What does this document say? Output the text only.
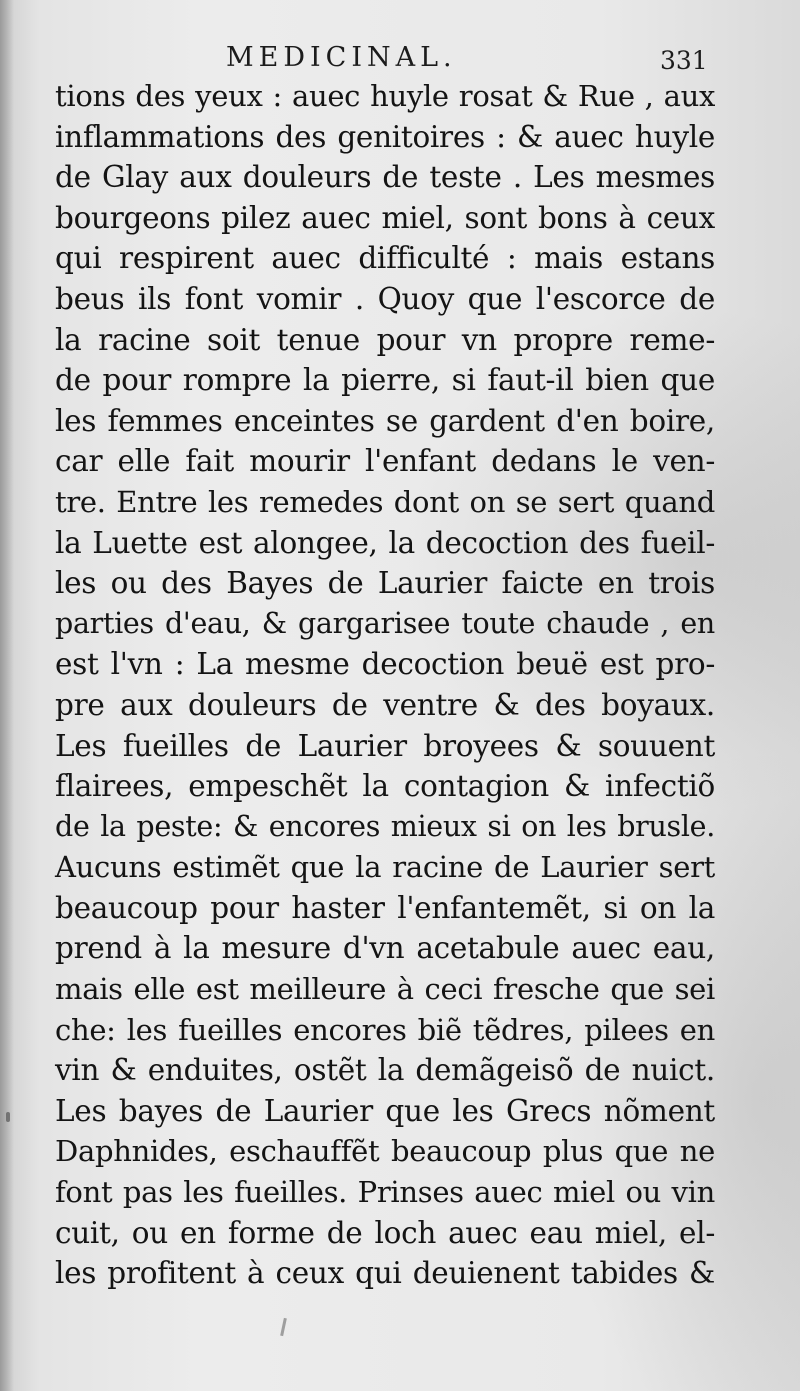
MEDICINAL.	331
tions des yeux : auec huyle rosat & Rue , aux
inflammations des genitoires : & auec huyle
de Glay aux douleurs de teste . Les mesmes
bourgeons pilez auec miel, sont bons à ceux
qui respirent auec difficulté : mais estans
beus ils font vomir . Quoy que l'escorce de
la racine soit tenue pour vn propre reme-
de pour rompre la pierre, si faut-il bien que
les femmes enceintes se gardent d'en boire,
car elle fait mourir l'enfant dedans le ven-
tre. Entre les remedes dont on se sert quand
la Luette est alongee, la decoction des fueil-
les ou des Bayes de Laurier faicte en trois
parties d'eau, & gargarisee toute chaude , en
est l'vn : La mesme decoction beuë est pro-
pre aux douleurs de ventre & des boyaux.
Les fueilles de Laurier broyees & souuent
flairees, empeschẽt la contagion & infectiõ
de la peste: & encores mieux si on les brusle.
Aucuns estimẽt que la racine de Laurier sert
beaucoup pour haster l'enfantemẽt, si on la
prend à la mesure d'vn acetabule auec eau,
mais elle est meilleure à ceci fresche que sei
che: les fueilles encores biẽ tẽdres, pilees en
vin & enduites, ostẽt la demãgeisõ de nuict.
Les bayes de Laurier que les Grecs nõment
Daphnides, eschauffẽt beaucoup plus que ne
font pas les fueilles. Prinses auec miel ou vin
cuit, ou en forme de loch auec eau miel, el-
les profitent à ceux qui deuienent tabides &
